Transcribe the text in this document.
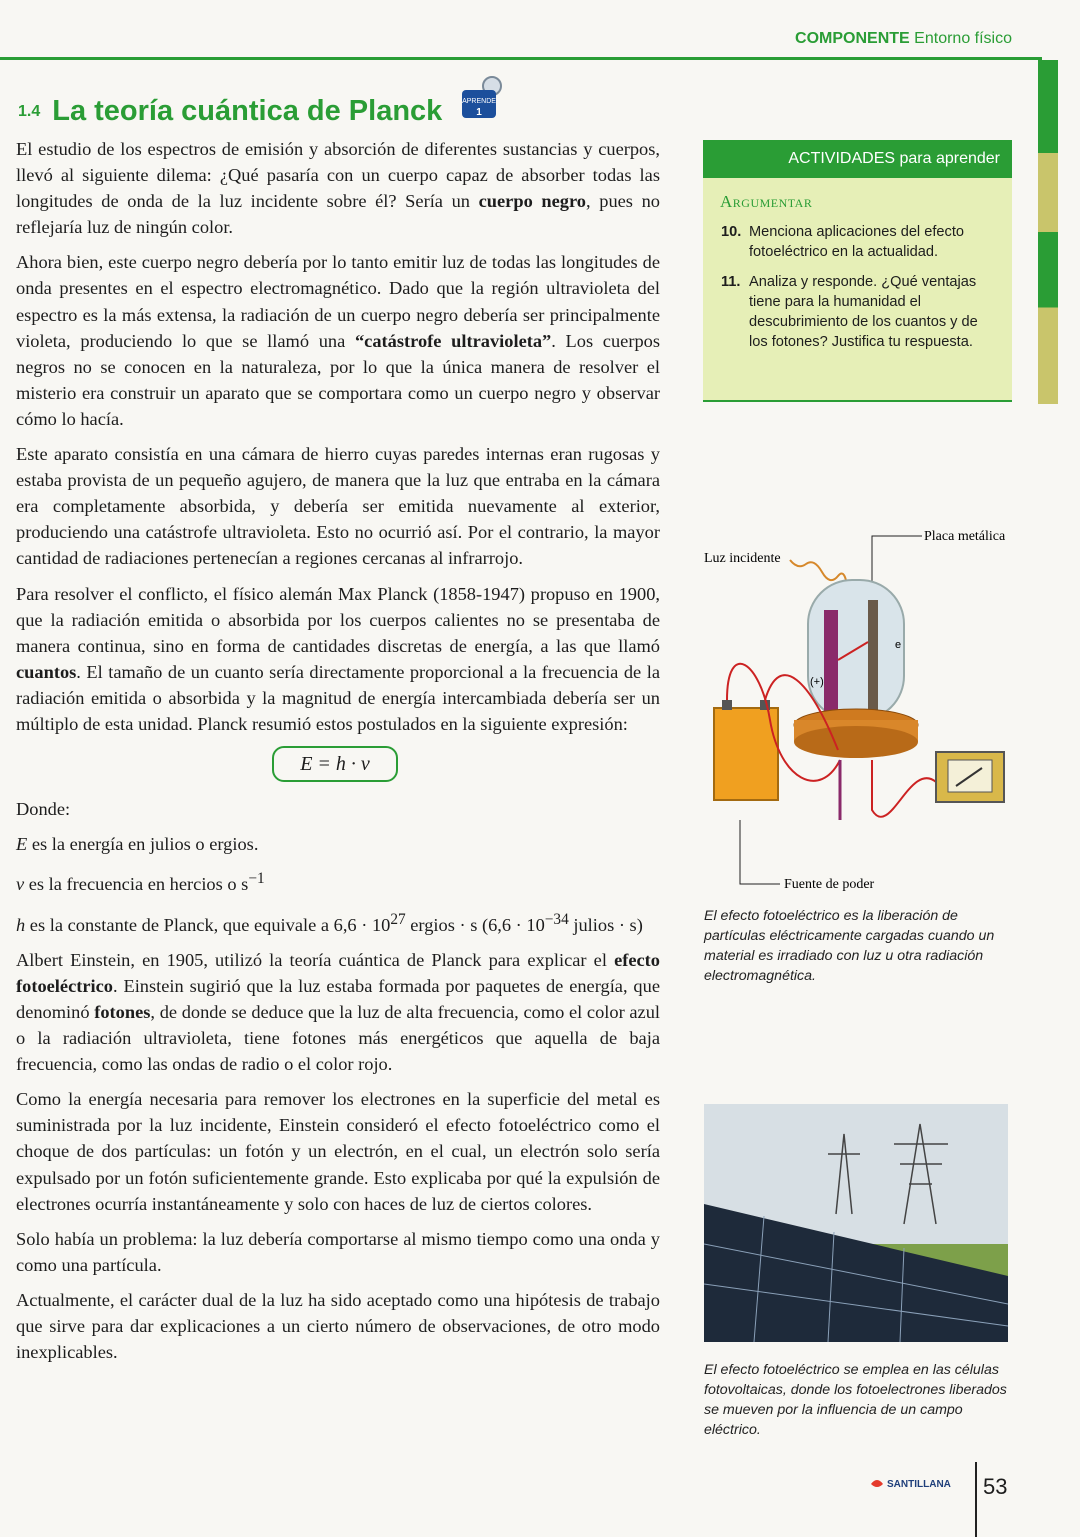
COMPONENTE Entorno físico
1.4 La teoría cuántica de Planck	APRENDE
1

El estudio de los espectros de emisión y absorción de diferentes sustancias y cuerpos, llevó al siguiente dilema: ¿Qué pasaría con un cuerpo capaz de absorber todas las longitudes de onda de la luz incidente sobre él? Sería un cuerpo negro, pues no reflejaría luz de ningún color.

Ahora bien, este cuerpo negro debería por lo tanto emitir luz de todas las longitudes de onda presentes en el espectro electromagnético. Dado que la región ultravioleta del espectro es la más extensa, la radiación de un cuerpo negro debería ser principalmente violeta, produciendo lo que se llamó una “catástrofe ultravioleta”. Los cuerpos negros no se conocen en la naturaleza, por lo que la única manera de resolver el misterio era construir un aparato que se comportara como un cuerpo negro y observar cómo lo hacía.

Este aparato consistía en una cámara de hierro cuyas paredes internas eran rugosas y estaba provista de un pequeño agujero, de manera que la luz que entraba en la cámara era completamente absorbida, y debería ser emitida nuevamente al exterior, produciendo una catástrofe ultravioleta. Esto no ocurrió así. Por el contrario, la mayor cantidad de radiaciones pertenecían a regiones cercanas al infrarrojo.

Para resolver el conflicto, el físico alemán Max Planck (1858-1947) propuso en 1900, que la radiación emitida o absorbida por los cuerpos calientes no se presentaba de manera continua, sino en forma de cantidades discretas de energía, a las que llamó cuantos. El tamaño de un cuanto sería directamente proporcional a la frecuencia de la radiación emitida o absorbida y la magnitud de energía intercambiada debería ser un múltiplo de esta unidad. Planck resumió estos postulados en la siguiente expresión:

E = h · ν

Donde:

E es la energía en julios o ergios.

ν es la frecuencia en hercios o $s^{-1}$

h es la constante de Planck, que equivale a $6,6 \cdot 10^{27}$ ergios · s ($6,6 \cdot 10^{-34}$ julios · s)

Albert Einstein, en 1905, utilizó la teoría cuántica de Planck para explicar el efecto fotoeléctrico. Einstein sugirió que la luz estaba formada por paquetes de energía, que denominó fotones, de donde se deduce que la luz de alta frecuencia, como el color azul o la radiación ultravioleta, tiene fotones más energéticos que aquella de baja frecuencia, como las ondas de radio o el color rojo.

Como la energía necesaria para remover los electrones en la superficie del metal es suministrada por la luz incidente, Einstein consideró el efecto fotoeléctrico como el choque de dos partículas: un fotón y un electrón, en el cual, un electrón solo sería expulsado por un fotón suficientemente grande. Esto explicaba por qué la expulsión de electrones ocurría instantáneamente y solo con haces de luz de ciertos colores.

Solo había un problema: la luz debería comportarse al mismo tiempo como una onda y como una partícula.

Actualmente, el carácter dual de la luz ha sido aceptado como una hipótesis de trabajo que sirve para dar explicaciones a un cierto número de observaciones, de otro modo inexplicables.

ACTIVIDADES para aprender
Argumentar
10. Menciona aplicaciones del efecto fotoeléctrico en la actualidad.
11. Analiza y responde. ¿Qué ventajas tiene para la humanidad el descubrimiento de los cuantos y de los fotones? Justifica tu respuesta.
Placa metálica
Luz incidente
(+)
e
Fuente de poder
El efecto fotoeléctrico es la liberación de partículas eléctricamente cargadas cuando un material es irradiado con luz u otra radiación electromagnética.
El efecto fotoeléctrico se emplea en las células fotovoltaicas, donde los fotoelectrones liberados se mueven por la influencia de un campo eléctrico.
SANTILLANA 53
